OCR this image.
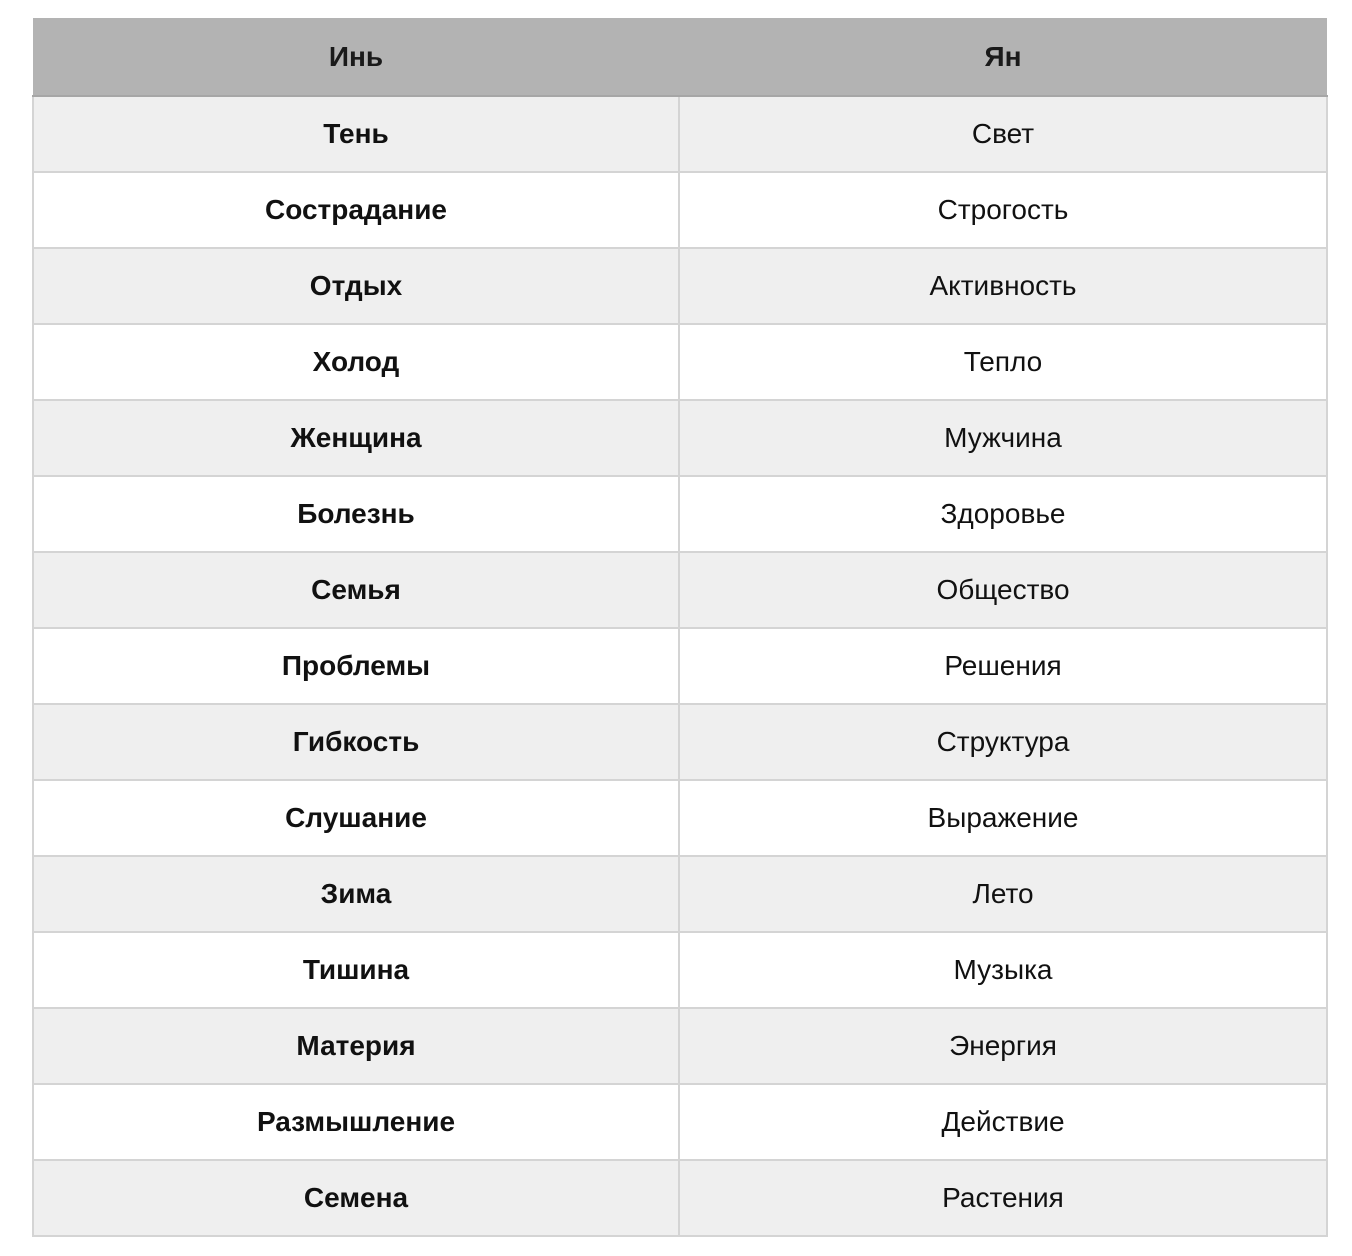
Инь	Ян
Тень	Свет
Сострадание	Строгость
Отдых	Активность
Холод	Тепло
Женщина	Мужчина
Болезнь	Здоровье
Семья	Общество
Проблемы	Решения
Гибкость	Структура
Слушание	Выражение
Зима	Лето
Тишина	Музыка
Материя	Энергия
Размышление	Действие
Семена	Растения
